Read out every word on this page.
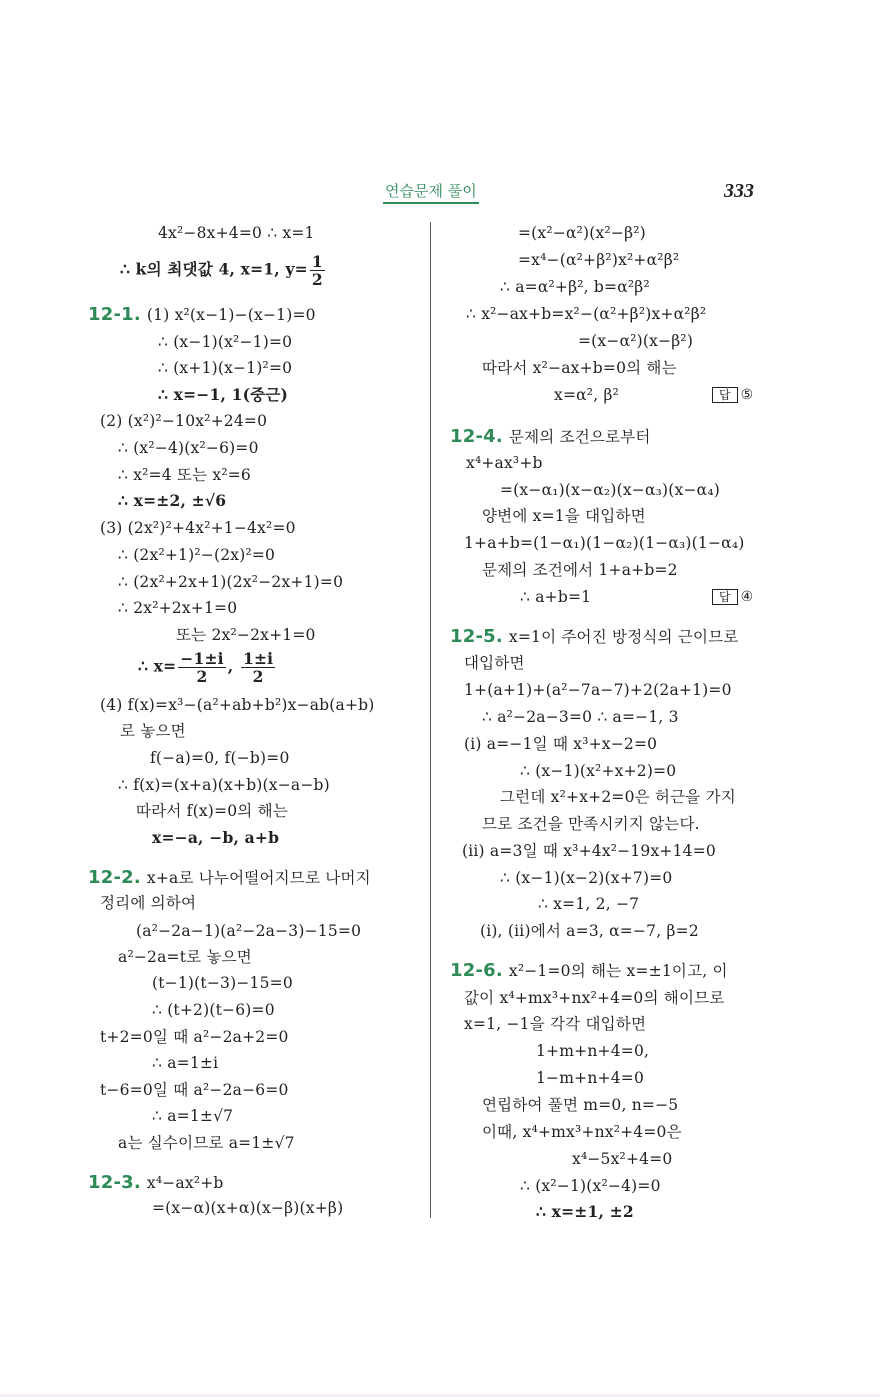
연습문제 풀이	333
4x²−8x+4=0 ∴ x=1
∴ k의 최댓값 4, x=1, $y= \frac{1}{2}$
12-1. (1) x²(x−1)−(x−1)=0
∴ (x−1)(x²−1)=0
∴ (x+1)(x−1)²=0
∴ x=−1, 1(중근)
(2) (x²)²−10x²+24=0
∴ (x²−4)(x²−6)=0
∴ x²=4 또는 x²=6
∴ x=±2, ±√6
(3) (2x²)²+4x²+1−4x²=0
∴ (2x²+1)²−(2x)²=0
∴ (2x²+2x+1)(2x²−2x+1)=0
∴ 2x²+2x+1=0
또는 2x²−2x+1=0
∴ $x= \frac{-1\pm i}{2}$ , $\frac{1\pm i}{2}$
(4) f(x)=x³−(a²+ab+b²)x−ab(a+b)
로 놓으면
f(−a)=0, f(−b)=0
∴ f(x)=(x+a)(x+b)(x−a−b)
따라서 f(x)=0의 해는
x=−a, −b, a+b
12-2. x+a로 나누어떨어지므로 나머지
정리에 의하여
(a²−2a−1)(a²−2a−3)−15=0
a²−2a=t로 놓으면
(t−1)(t−3)−15=0
∴ (t+2)(t−6)=0
t+2=0일 때 a²−2a+2=0
∴ a=1±i
t−6=0일 때 a²−2a−6=0
∴ a=1±√7
a는 실수이므로 a=1±√7
12-3. x⁴−ax²+b
=(x−α)(x+α)(x−β)(x+β)
=(x²−α²)(x²−β²)
=x⁴−(α²+β²)x²+α²β²
∴ a=α²+β², b=α²β²
∴ x²−ax+b=x²−(α²+β²)x+α²β²
=(x−α²)(x−β²)
따라서 x²−ax+b=0의 해는
x=α², β²	답 ⑤
12-4. 문제의 조건으로부터
x⁴+ax³+b
=(x−α₁)(x−α₂)(x−α₃)(x−α₄)
양변에 x=1을 대입하면
1+a+b=(1−α₁)(1−α₂)(1−α₃)(1−α₄)
문제의 조건에서 1+a+b=2
∴ a+b=1	답 ④
12-5. x=1이 주어진 방정식의 근이므로
대입하면
1+(a+1)+(a²−7a−7)+2(2a+1)=0
∴ a²−2a−3=0 ∴ a=−1, 3
(i) a=−1일 때 x³+x−2=0
∴ (x−1)(x²+x+2)=0
그런데 x²+x+2=0은 허근을 가지
므로 조건을 만족시키지 않는다.
(ii) a=3일 때 x³+4x²−19x+14=0
∴ (x−1)(x−2)(x+7)=0
∴ x=1, 2, −7
(i), (ii)에서 a=3, α=−7, β=2
12-6. x²−1=0의 해는 x=±1이고, 이
값이 x⁴+mx³+nx²+4=0의 해이므로
x=1, −1을 각각 대입하면
1+m+n+4=0,
1−m+n+4=0
연립하여 풀면 m=0, n=−5
이때, x⁴+mx³+nx²+4=0은
x⁴−5x²+4=0
∴ (x²−1)(x²−4)=0
∴ x=±1, ±2
